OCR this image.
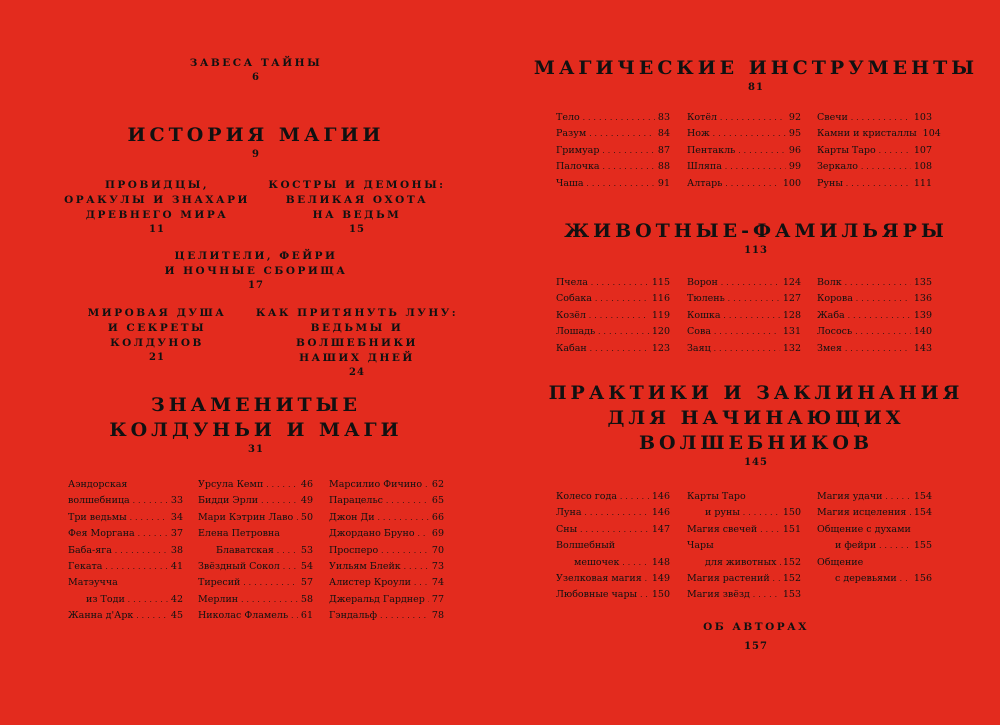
ЗАВЕСА ТАЙНЫ
6
ИСТОРИЯ МАГИИ
9
ПРОВИДЦЫ,
ОРАКУЛЫ И ЗНАХАРИ
ДРЕВНЕГО МИРА
11
КОСТРЫ И ДЕМОНЫ:
ВЕЛИКАЯ ОХОТА
НА ВЕДЬМ
15
ЦЕЛИТЕЛИ, ФЕЙРИ
И НОЧНЫЕ СБОРИЩА
17
МИРОВАЯ ДУША
И СЕКРЕТЫ
КОЛДУНОВ
21
КАК ПРИТЯНУТЬ ЛУНУ:
ВЕДЬМЫ И ВОЛШЕБНИКИ
НАШИХ ДНЕЙ
24
ЗНАМЕНИТЫЕ
КОЛДУНЬИ И МАГИ
31
Аэндорская
волшебница . . .	33
Три ведьмы . . .	34
Фея Моргана . . .	37
Баба-яга . . .	38
Геката . . .	41
Матэучча
из Тоди . . .	42
Жанна д'Арк . . .	45
Урсула Кемп . . .	46
Бидди Эрли . . .	49
Мари Кэтрин Лаво . . . 50
Елена Петровна
Блаватская . . .	53
Звёздный Сокол . . . 54
Тиресий . . .	57
Мерлин . . .	58
Николас Фламель . . . 61
Марсилио Фичино . . . 62
Парацельс . . .	65
Джон Ди . . .	66
Джордано Бруно . . . 69
Просперо . . .	70
Уильям Блейк . . .	73
Алистер Кроули . . . 74
Джеральд Гарднер . . . 77
Гэндальф . . .	78
МАГИЧЕСКИЕ ИНСТРУМЕНТЫ
81
Тело . . .	83
Разум . . .	84
Гримуар . . .	87
Палочка . . .	88
Чаша . . .	91
Котёл . . .	92
Нож . . .	95
Пентакль . . .	96
Шляпа . . .	99
Алтарь . . .	100
Свечи . . .	103
Камни и кристаллы 104
Карты Таро . . .	107
Зеркало . . .	108
Руны . . .	111
ЖИВОТНЫЕ-ФАМИЛЬЯРЫ
113
Пчела . . .	115
Собака . . .	116
Козёл . . .	119
Лошадь . . .	120
Кабан . . .	123
Ворон . . .	124
Тюлень . . .	127
Кошка . . .	128
Сова . . .	131
Заяц . . .	132
Волк . . .	135
Корова . . .	136
Жаба . . .	139
Лосось . . .	140
Змея . . .	143
ПРАКТИКИ И ЗАКЛИНАНИЯ
ДЛЯ НАЧИНАЮЩИХ
ВОЛШЕБНИКОВ
145
Колесо года . . .	146
Луна . . .	146
Сны . . .	147
Волшебный
мешочек . . .	148
Узелковая магия . . . 149
Любовные чары . . . 150
Карты Таро
и руны . . .	150
Магия свечей . . .	151
Чары
для животных . . . 152
Магия растений . . . 152
Магия звёзд . . .	153
Магия удачи . . .	154
Магия исцеления . . . 154
Общение с духами
и фейри . . .	155
Общение
с деревьями . . . 156
ОБ АВТОРАХ
157
